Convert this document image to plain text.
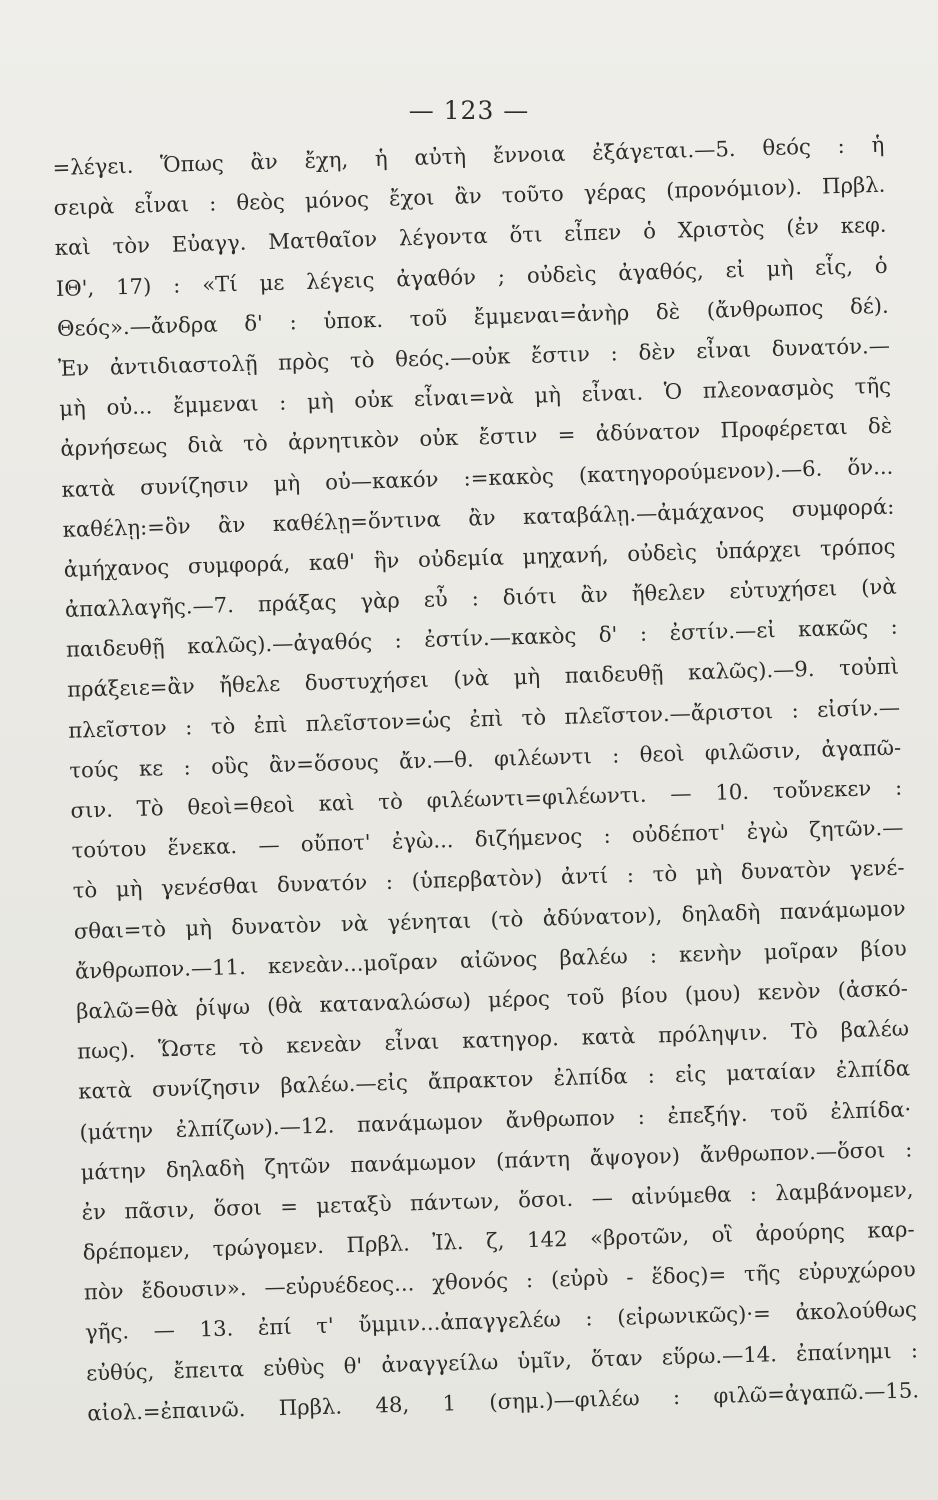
— 123 —
=λέγει. Ὅπως ἂν ἔχη, ἡ αὐτὴ ἔννοια ἐξάγεται.—5. θεός : ἡ
σειρὰ εἶναι : θεὸς μόνος ἔχοι ἂν τοῦτο γέρας (προνόμιον). Πρβλ.
καὶ τὸν Εὐαγγ. Ματθαῖον λέγοντα ὅτι εἶπεν ὁ Χριστὸς (ἐν κεφ.
ΙΘ', 17) : «Τί με λέγεις ἀγαθόν ; οὐδεὶς ἀγαθός, εἰ μὴ εἷς, ὁ
Θεός».—ἄνδρα δ' : ὑποκ. τοῦ ἔμμεναι=ἀνὴρ δὲ (ἄνθρωπος δέ).
Ἐν ἀντιδιαστολῇ πρὸς τὸ θεός.—οὐκ ἔστιν : δὲν εἶναι δυνατόν.—
μὴ οὐ... ἔμμεναι : μὴ οὐκ εἶναι=νὰ μὴ εἶναι. Ὁ πλεονασμὸς τῆς
ἀρνήσεως διὰ τὸ ἀρνητικὸν οὐκ ἔστιν = ἀδύνατον Προφέρεται δὲ
κατὰ συνίζησιν μὴ οὐ—κακόν :=κακὸς (κατηγορούμενον).—6. ὅν...
καθέλῃ:=ὃν ἂν καθέλῃ=ὅντινα ἂν καταβάλῃ.—ἀμάχανος συμφορά:
ἀμήχανος συμφορά, καθ' ἣν οὐδεμία μηχανή, οὐδεὶς ὑπάρχει τρόπος
ἀπαλλαγῆς.—7. πράξας γὰρ εὖ : διότι ἂν ἤθελεν εὐτυχήσει (νὰ
παιδευθῇ καλῶς).—ἀγαθός : ἐστίν.—κακὸς δ' : ἐστίν.—εἰ κακῶς :
πράξειε=ἂν ἤθελε δυστυχήσει (νὰ μὴ παιδευθῇ καλῶς).—9. τοὐπὶ
πλεῖστον : τὸ ἐπὶ πλεῖστον=ὡς ἐπὶ τὸ πλεῖστον.—ἄριστοι : εἰσίν.—
τούς κε : οὓς ἂν=ὅσους ἄν.—θ. φιλέωντι : θεοὶ φιλῶσιν, ἀγαπῶ-
σιν. Τὸ θεοὶ=θεοὶ καὶ τὸ φιλέωντι=φιλέωντι. — 10. τοὔνεκεν :
τούτου ἕνεκα. — οὔποτ' ἐγὼ... διζήμενος : οὐδέποτ' ἐγὼ ζητῶν.—
τὸ μὴ γενέσθαι δυνατόν : (ὑπερβατὸν) ἀντί : τὸ μὴ δυνατὸν γενέ-
σθαι=τὸ μὴ δυνατὸν νὰ γένηται (τὸ ἀδύνατον), δηλαδὴ πανάμωμον
ἄνθρωπον.—11. κενεὰν...μοῖραν αἰῶνος βαλέω : κενὴν μοῖραν βίου
βαλῶ=θὰ ῥίψω (θὰ καταναλώσω) μέρος τοῦ βίου (μου) κενὸν (ἀσκό-
πως). Ὥστε τὸ κενεὰν εἶναι κατηγορ. κατὰ πρόληψιν. Τὸ βαλέω
κατὰ συνίζησιν βαλέω.—εἰς ἄπρακτον ἐλπίδα : εἰς ματαίαν ἐλπίδα
(μάτην ἐλπίζων).—12. πανάμωμον ἄνθρωπον : ἐπεξήγ. τοῦ ἐλπίδα·
μάτην δηλαδὴ ζητῶν πανάμωμον (πάντη ἄψογον) ἄνθρωπον.—ὅσοι :
ἐν πᾶσιν, ὅσοι = μεταξὺ πάντων, ὅσοι. — αἰνύμεθα : λαμβάνομεν,
δρέπομεν, τρώγομεν. Πρβλ. Ἰλ. ζ, 142 «βροτῶν, οἳ ἀρούρης καρ-
πὸν ἔδουσιν». —εὐρυέδεος... χθονός : (εὐρὺ - ἕδος)= τῆς εὐρυχώρου
γῆς. — 13. ἐπί τ' ὔμμιν...ἀπαγγελέω : (εἰρωνικῶς)·= ἀκολούθως
εὐθύς, ἔπειτα εὐθὺς θ' ἀναγγείλω ὑμῖν, ὅταν εὕρω.—14. ἐπαίνημι :
αἰολ.=ἐπαινῶ. Πρβλ. 48, 1 (σημ.)—φιλέω : φιλῶ=ἀγαπῶ.—15.
